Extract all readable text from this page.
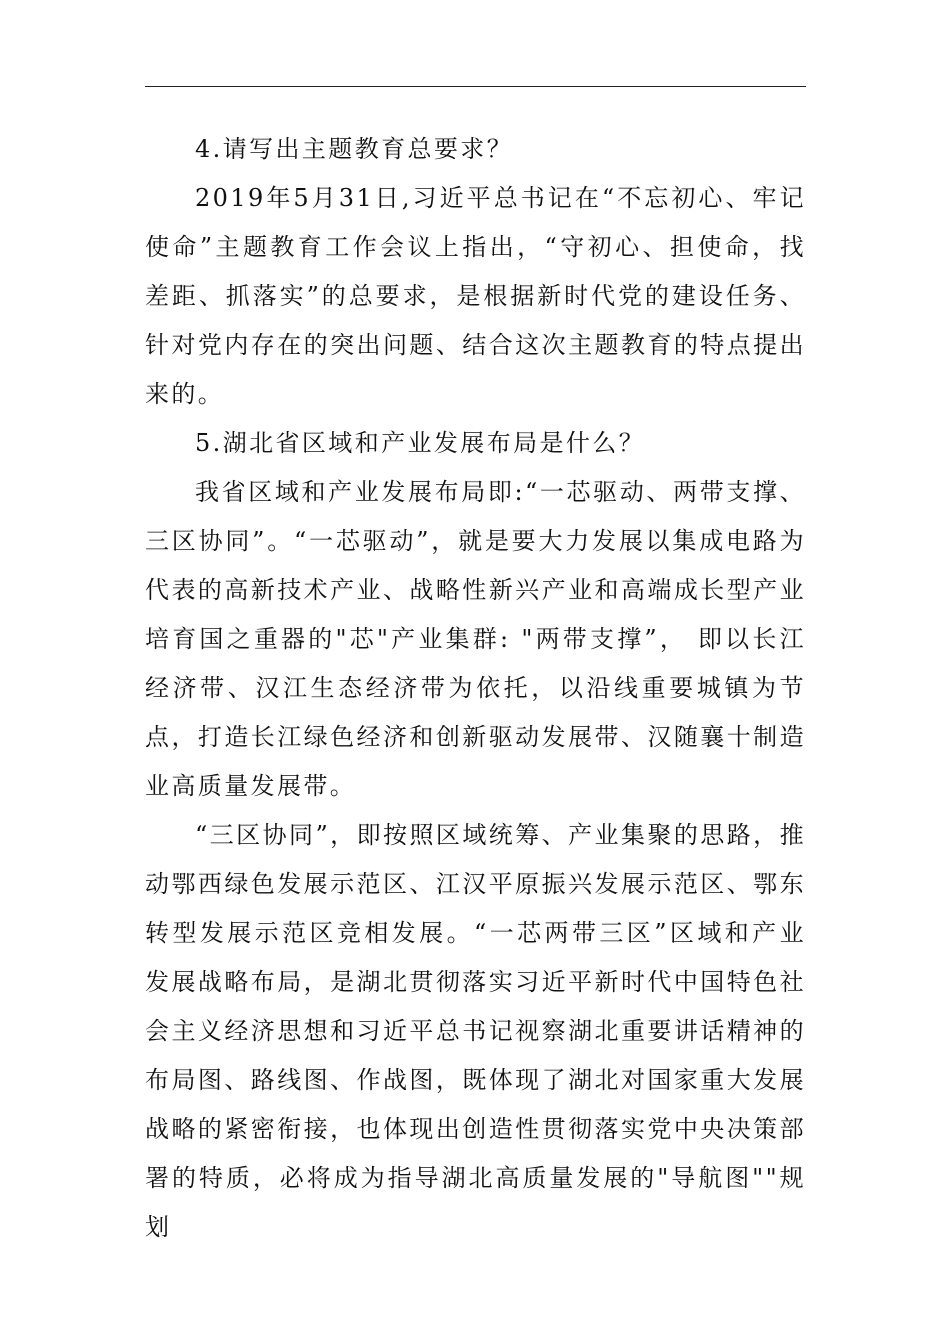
4.请写出主题教育总要求？

2019年5月31日,习近平总书记在“不忘初心、牢记使命”主题教育工作会议上指出，“守初心、担使命，找差距、抓落实”的总要求，是根据新时代党的建设任务、针对党内存在的突出问题、结合这次主题教育的特点提出来的。

5.湖北省区域和产业发展布局是什么？

我省区域和产业发展布局即:“一芯驱动、两带支撑、三区协同”。“一芯驱动”，就是要大力发展以集成电路为代表的高新技术产业、战略性新兴产业和高端成长型产业培育国之重器的"芯"产业集群: "两带支撑”， 即以长江经济带、汉江生态经济带为依托，以沿线重要城镇为节点，打造长江绿色经济和创新驱动发展带、汉随襄十制造业高质量发展带。

“三区协同”，即按照区域统筹、产业集聚的思路，推动鄂西绿色发展示范区、江汉平原振兴发展示范区、鄂东转型发展示范区竞相发展。“一芯两带三区”区域和产业发展战略布局，是湖北贯彻落实习近平新时代中国特色社会主义经济思想和习近平总书记视察湖北重要讲话精神的布局图、路线图、作战图，既体现了湖北对国家重大发展战略的紧密衔接，也体现出创造性贯彻落实党中央决策部署的特质，必将成为指导湖北高质量发展的"导航图""规划
